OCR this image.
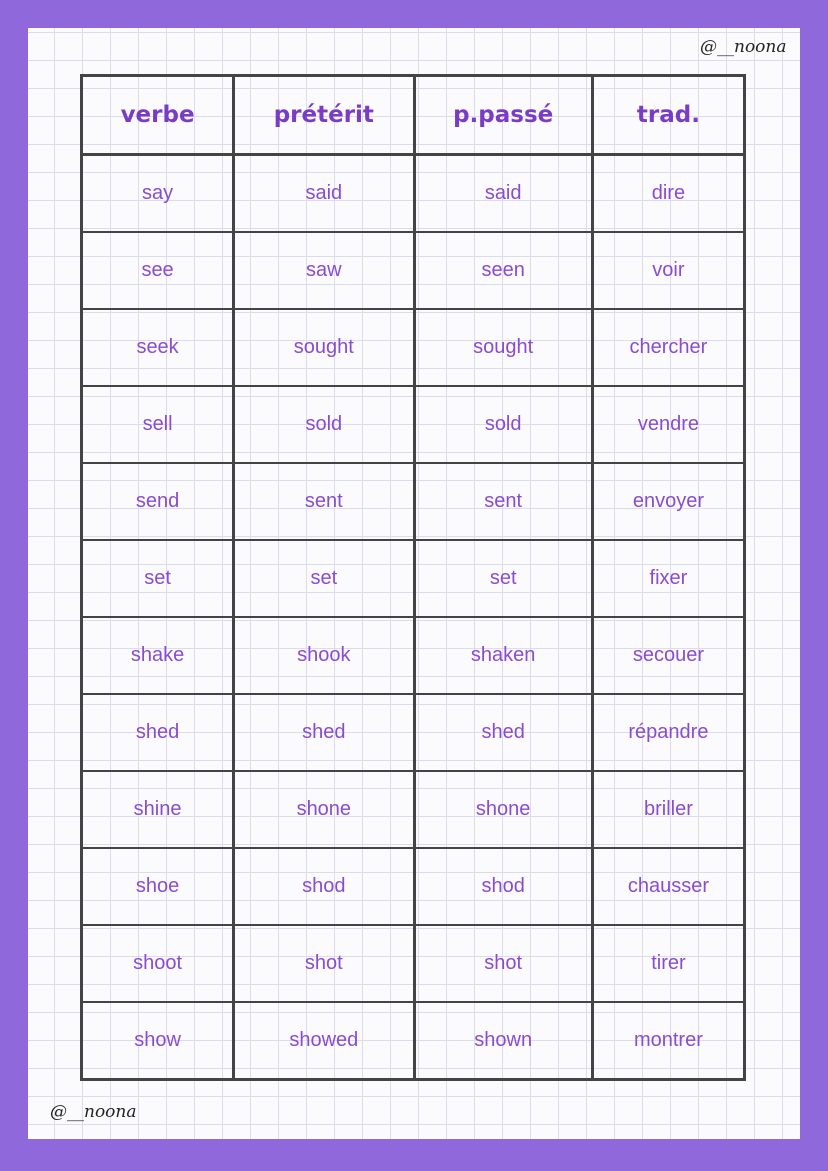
@__noona
verbe	prétérit	p.passé	trad.
say	said	said	dire
see	saw	seen	voir
seek	sought	sought	chercher
sell	sold	sold	vendre
send	sent	sent	envoyer
set	set	set	fixer
shake	shook	shaken	secouer
shed	shed	shed	répandre
shine	shone	shone	briller
shoe	shod	shod	chausser
shoot	shot	shot	tirer
show	showed	shown	montrer
@__noona
